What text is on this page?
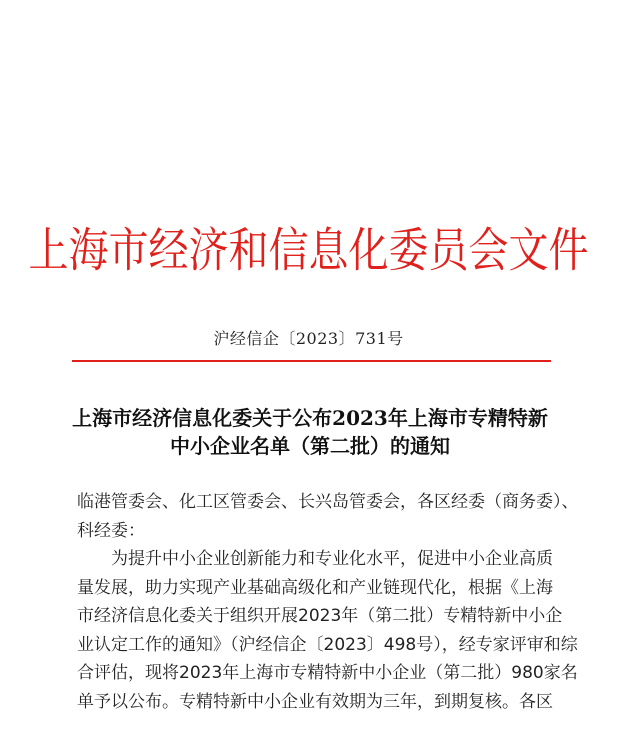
上海市经济和信息化委员会文件
沪经信企〔2023〕731号
上海市经济信息化委关于公布2023年上海市专精特新
中小企业名单（第二批）的通知
临港管委会、化工区管委会、长兴岛管委会，各区经委（商务委）、
科经委：
为提升中小企业创新能力和专业化水平，促进中小企业高质
量发展，助力实现产业基础高级化和产业链现代化，根据《上海
市经济信息化委关于组织开展2023年（第二批）专精特新中小企
业认定工作的通知》（沪经信企〔2023〕498号），经专家评审和综
合评估，现将2023年上海市专精特新中小企业（第二批）980家名
单予以公布。专精特新中小企业有效期为三年，到期复核。各区
